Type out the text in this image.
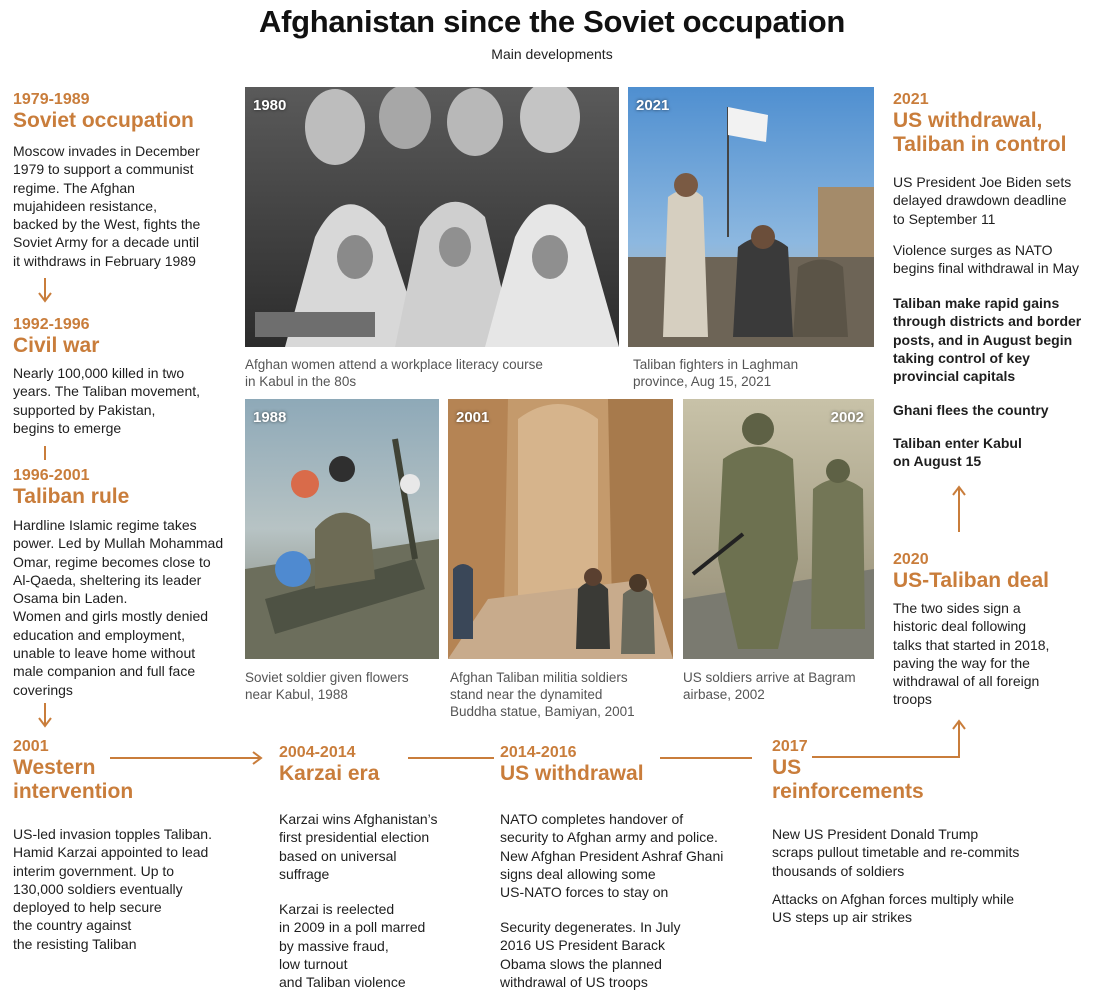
Afghanistan since the Soviet occupation
Main developments
1979-1989
Soviet occupation
Moscow invades in December
1979 to support a communist
regime. The Afghan
mujahideen resistance,
backed by the West, fights the
Soviet Army for a decade until
it withdraws in February 1989
1992-1996
Civil war
Nearly 100,000 killed in two
years. The Taliban movement,
supported by Pakistan,
begins to emerge
1996-2001
Taliban rule
Hardline Islamic regime takes
power. Led by Mullah Mohammad
Omar, regime becomes close to
Al-Qaeda, sheltering its leader
Osama bin Laden.
Women and girls mostly denied
education and employment,
unable to leave home without
male companion and full face
coverings
1980
Afghan women attend a workplace literacy course
in Kabul in the 80s
2021
Taliban fighters in Laghman
province, Aug 15, 2021
1988
Soviet soldier given flowers
near Kabul, 1988
2001
Afghan Taliban militia soldiers
stand near the dynamited
Buddha statue, Bamiyan, 2001
2002
US soldiers arrive at Bagram
airbase, 2002
2021
US withdrawal,
Taliban in control
US President Joe Biden sets
delayed drawdown deadline
to September 11
Violence surges as NATO
begins final withdrawal in May
Taliban make rapid gains
through districts and border
posts, and in August begin
taking control of key
provincial capitals
Ghani flees the country
Taliban enter Kabul
on August 15
2020
US-Taliban deal
The two sides sign a
historic deal following
talks that started in 2018,
paving the way for the
withdrawal of all foreign
troops
2001
Western
intervention
US-led invasion topples Taliban.
Hamid Karzai appointed to lead
interim government. Up to
130,000 soldiers eventually
deployed to help secure
the country against
the resisting Taliban
2004-2014
Karzai era
Karzai wins Afghanistan’s
first presidential election
based on universal
suffrage
Karzai is reelected
in 2009 in a poll marred
by massive fraud,
low turnout
and Taliban violence
2014-2016
US withdrawal
NATO completes handover of
security to Afghan army and police.
New Afghan President Ashraf Ghani
signs deal allowing some
US-NATO forces to stay on
Security degenerates. In July
2016 US President Barack
Obama slows the planned
withdrawal of US troops
2017
US
reinforcements
New US President Donald Trump
scraps pullout timetable and re-commits
thousands of soldiers
Attacks on Afghan forces multiply while
US steps up air strikes
